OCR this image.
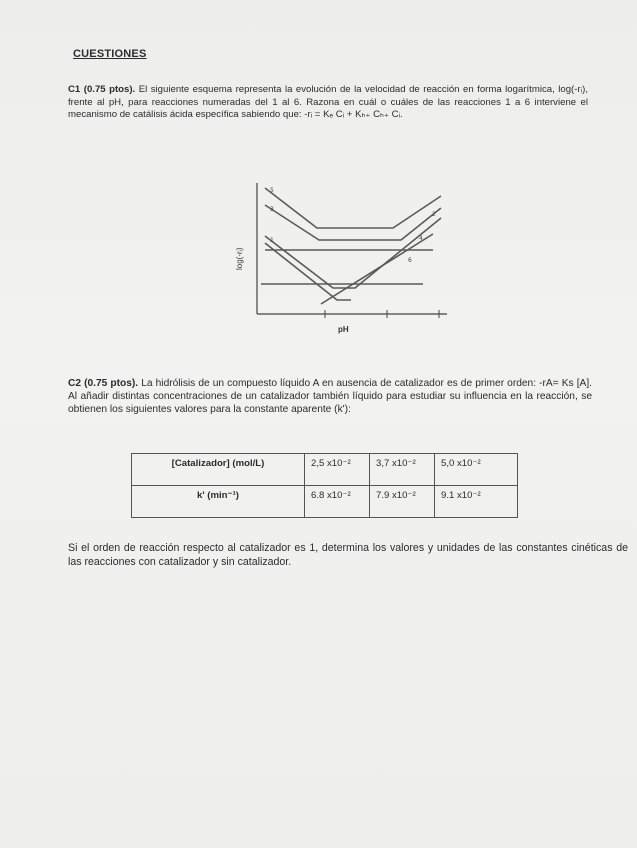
CUESTIONES
C1 (0.75 ptos). El siguiente esquema representa la evolución de la velocidad de reacción en forma logarítmica, log(-rᵢ), frente al pH, para reacciones numeradas del 1 al 6. Razona en cuál o cuáles de las reacciones 1 a 6 interviene el mecanismo de catálisis ácida específica sabiendo que: -rᵢ = Kₑ Cᵢ + Kₕ₊ Cₕ₊ Cᵢ.
5
3
1
2
4
6
log(-rᵢ)
pH
C2 (0.75 ptos). La hidrólisis de un compuesto líquido A en ausencia de catalizador es de primer orden: -rA= Ks [A]. Al añadir distintas concentraciones de un catalizador también líquido para estudiar su influencia en la reacción, se obtienen los siguientes valores para la constante aparente (k'):
[Catalizador] (mol/L)	2,5 x10⁻²	3,7 x10⁻²	5,0 x10⁻²
k' (min⁻¹)	6.8 x10⁻²	7.9 x10⁻²	9.1 x10⁻²
Si el orden de reacción respecto al catalizador es 1, determina los valores y unidades de las constantes cinéticas de las reacciones con catalizador y sin catalizador.
